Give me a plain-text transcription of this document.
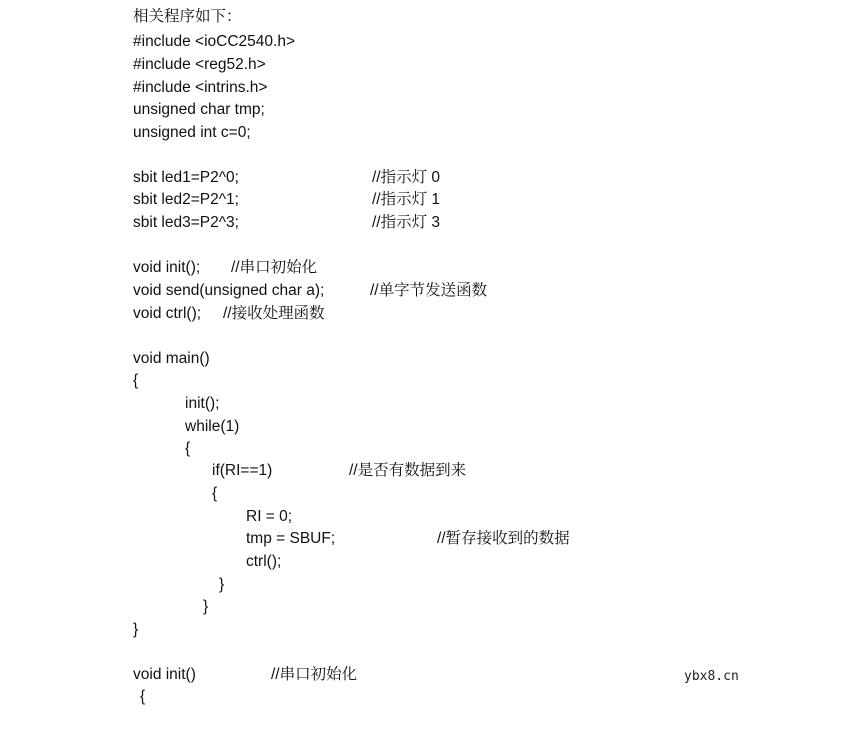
相关程序如下：

#include <ioCC2540.h>

#include <reg52.h>

#include <intrins.h>

unsigned char tmp;

unsigned int c=0;

sbit led1=P2^0;

	//指示灯 0

sbit led2=P2^1;

	//指示灯 1

sbit led3=P2^3;

	//指示灯 3

void init();

//串口初始化

void send(unsigned char a);

	//单字节发送函数

void ctrl();

//接收处理函数

void main()

{

init();

while(1)

{

if(RI==1)

	//是否有数据到来

{

RI = 0;

tmp = SBUF;

	//暂存接收到的数据

ctrl();

}

}

}

void init()

	//串口初始化

{

ybx8.cn
